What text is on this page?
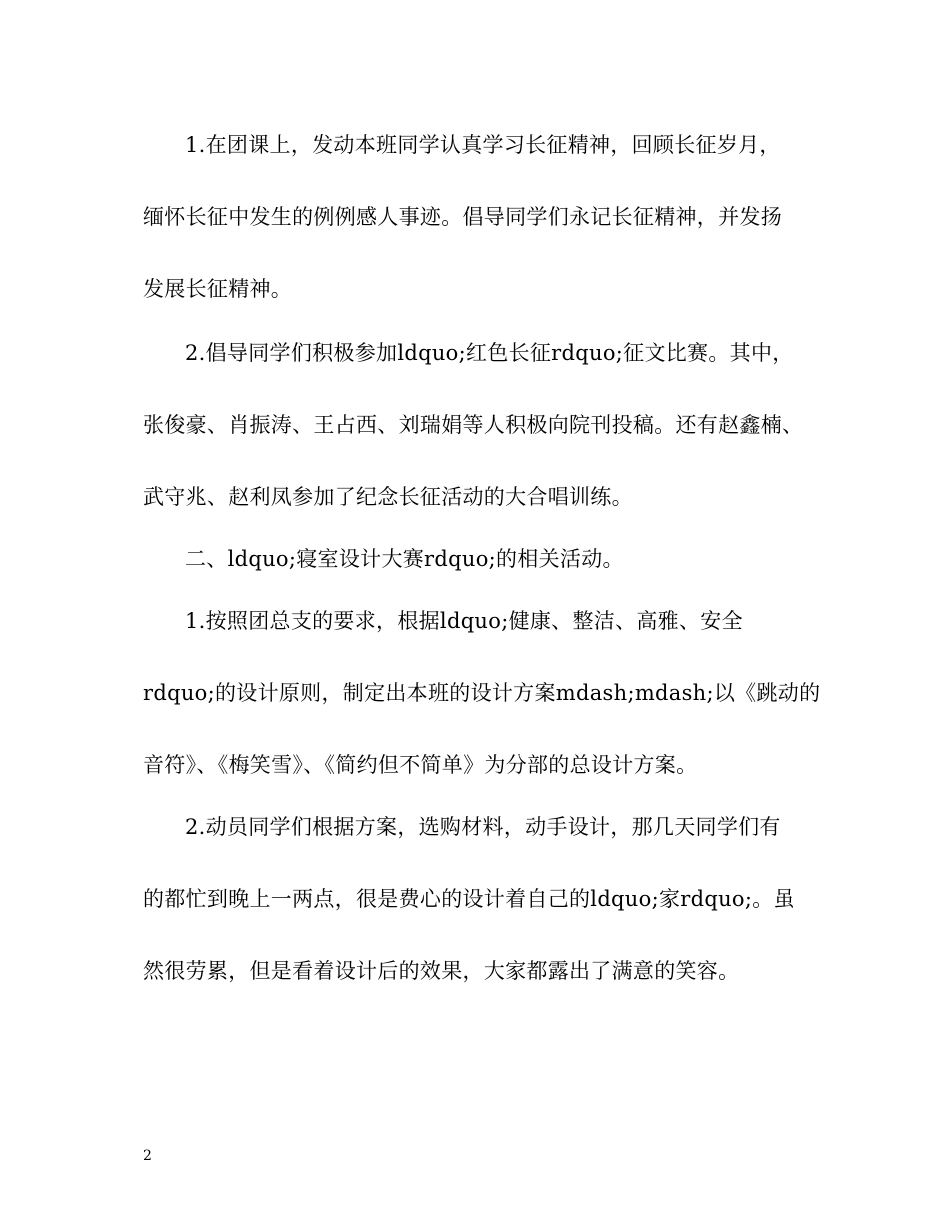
1.在团课上，发动本班同学认真学习长征精神，回顾长征岁月，
缅怀长征中发生的例例感人事迹。倡导同学们永记长征精神，并发扬
发展长征精神。
2.倡导同学们积极参加ldquo;红色长征rdquo;征文比赛。其中，
张俊豪、肖振涛、王占西、刘瑞娟等人积极向院刊投稿。还有赵鑫楠、
武守兆、赵利凤参加了纪念长征活动的大合唱训练。
二、ldquo;寝室设计大赛rdquo;的相关活动。
1.按照团总支的要求，根据ldquo;健康、整洁、高雅、安全
rdquo;的设计原则，制定出本班的设计方案mdash;mdash;以《跳动的
音符》、《梅笑雪》、《简约但不简单》为分部的总设计方案。
2.动员同学们根据方案，选购材料，动手设计，那几天同学们有
的都忙到晚上一两点，很是费心的设计着自己的ldquo;家rdquo;。虽
然很劳累，但是看着设计后的效果，大家都露出了满意的笑容。
2
